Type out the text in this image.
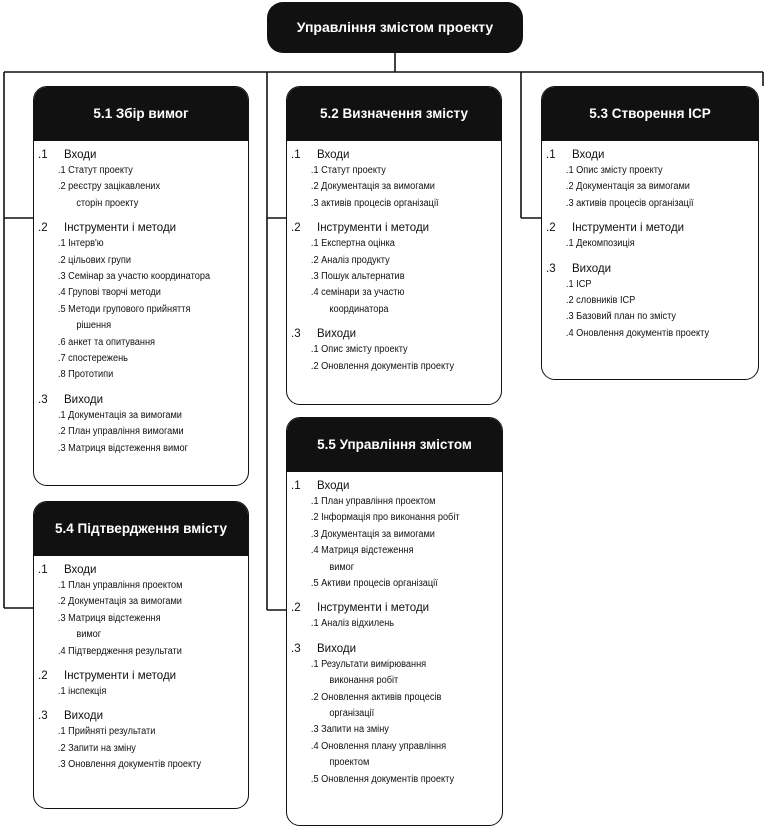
Управління змістом проекту
5.1 Збір вимог
.1 Входи
.1 Статут проекту
.2 реєстру зацікавлених
сторін проекту
.2 Інструменти і методи
.1 Інтерв'ю
.2 цільових групи
.3 Семінар за участю координатора
.4 Групові творчі методи
.5 Методи групового прийняття
рішення
.6 анкет та опитування
.7 спостережень
.8 Прототипи
.3 Виходи
.1 Документація за вимогами
.2 План управління вимогами
.3 Матриця відстеження вимог
5.2 Визначення змісту
.1 Входи
.1 Статут проекту
.2 Документація за вимогами
.3 активів процесів організації
.2 Інструменти і методи
.1 Експертна оцінка
.2 Аналіз продукту
.3 Пошук альтернатив
.4 семінари за участю
координатора
.3 Виходи
.1 Опис змісту проекту
.2 Оновлення документів проекту
5.3 Створення ІСР
.1 Входи
.1 Опис змісту проекту
.2 Документація за вимогами
.3 активів процесів організації
.2 Інструменти і методи
.1 Декомпозиція
.3 Виходи
.1 ІСР
.2 словників ІСР
.3 Базовий план по змісту
.4 Оновлення документів проекту
5.4 Підтвердження вмісту
.1 Входи
.1 План управління проектом
.2 Документація за вимогами
.3 Матриця відстеження
вимог
.4 Підтвердження результати
.2 Інструменти і методи
.1 інспекція
.3 Виходи
.1 Прийняті результати
.2 Запити на зміну
.3 Оновлення документів проекту
5.5 Управління змістом
.1 Входи
.1 План управління проектом
.2 Інформація про виконання робіт
.3 Документація за вимогами
.4 Матриця відстеження
вимог
.5 Активи процесів організації
.2 Інструменти і методи
.1 Аналіз відхилень
.3 Виходи
.1 Результати вимірювання
виконання робіт
.2 Оновлення активів процесів
організації
.3 Запити на зміну
.4 Оновлення плану управління
проектом
.5 Оновлення документів проекту
